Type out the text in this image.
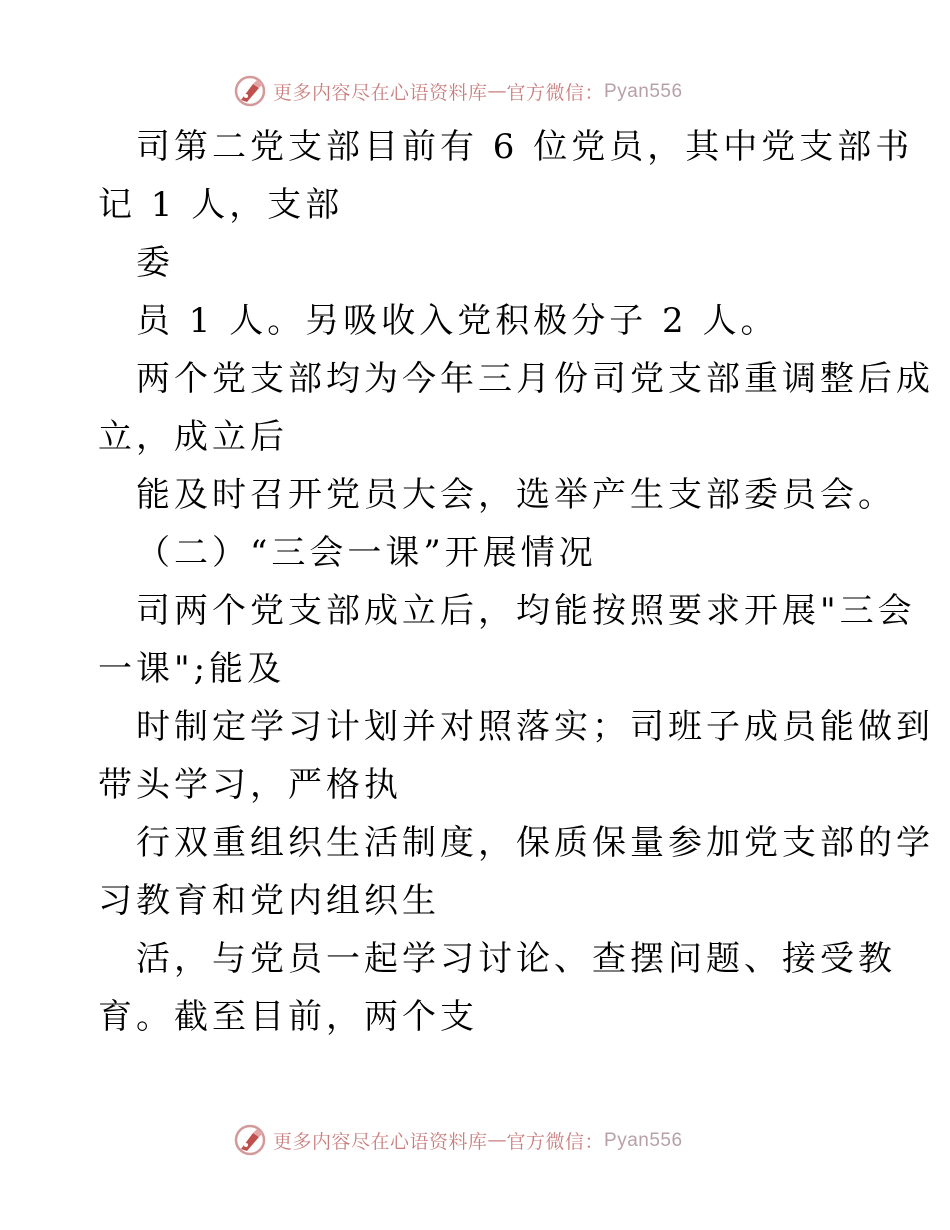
更多内容尽在心语资料库 — 官方微信： Pyan556
司第二党支部目前有 6 位党员，其中党支部书
记 1 人，支部
委
员 1 人。另吸收入党积极分子 2 人。
两个党支部均为今年三月份司党支部重调整后成
立，成立后
能及时召开党员大会，选举产生支部委员会。
（二）“三会一课”开展情况
司两个党支部成立后，均能按照要求开展"三会
一课";能及
时制定学习计划并对照落实；司班子成员能做到
带头学习，严格执
行双重组织生活制度，保质保量参加党支部的学
习教育和党内组织生
活，与党员一起学习讨论、查摆问题、接受教
育。截至目前，两个支
更多内容尽在心语资料库 — 官方微信： Pyan556
